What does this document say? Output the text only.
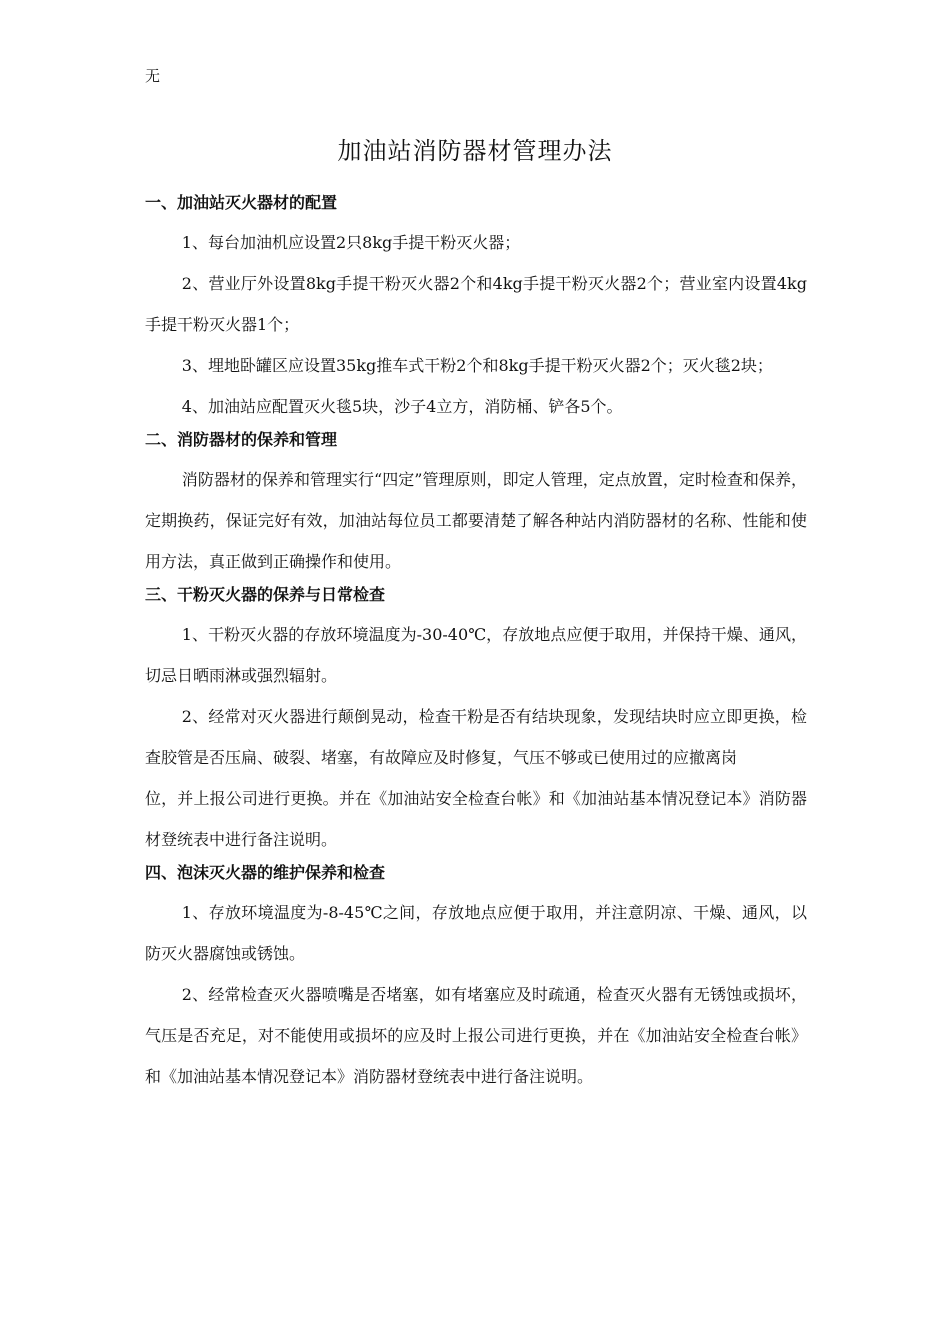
无
加油站消防器材管理办法

一、加油站灭火器材的配置

1、每台加油机应设置2只8kg手提干粉灭火器；

2、营业厅外设置8kg手提干粉灭火器2个和4kg手提干粉灭火器2个；营业室内设置4kg手提干粉灭火器1个；

3、埋地卧罐区应设置35kg推车式干粉2个和8kg手提干粉灭火器2个；灭火毯2块；

4、加油站应配置灭火毯5块，沙子4立方，消防桶、铲各5个。

二、消防器材的保养和管理

消防器材的保养和管理实行“四定”管理原则，即定人管理，定点放置，定时检查和保养，定期换药，保证完好有效，加油站每位员工都要清楚了解各种站内消防器材的名称、性能和使用方法，真正做到正确操作和使用。

三、干粉灭火器的保养与日常检查

1、干粉灭火器的存放环境温度为-30-40℃，存放地点应便于取用，并保持干燥、通风，切忌日晒雨淋或强烈辐射。

2、经常对灭火器进行颠倒晃动，检查干粉是否有结块现象，发现结块时应立即更换，检查胶管是否压扁、破裂、堵塞，有故障应及时修复，气压不够或已使用过的应撤离岗

位，并上报公司进行更换。并在《加油站安全检查台帐》和《加油站基本情况登记本》消防器材登统表中进行备注说明。

四、泡沫灭火器的维护保养和检查

1、存放环境温度为-8-45℃之间，存放地点应便于取用，并注意阴凉、干燥、通风，以防灭火器腐蚀或锈蚀。

2、经常检查灭火器喷嘴是否堵塞，如有堵塞应及时疏通，检查灭火器有无锈蚀或损坏，气压是否充足，对不能使用或损坏的应及时上报公司进行更换，并在《加油站安全检查台帐》和《加油站基本情况登记本》消防器材登统表中进行备注说明。
